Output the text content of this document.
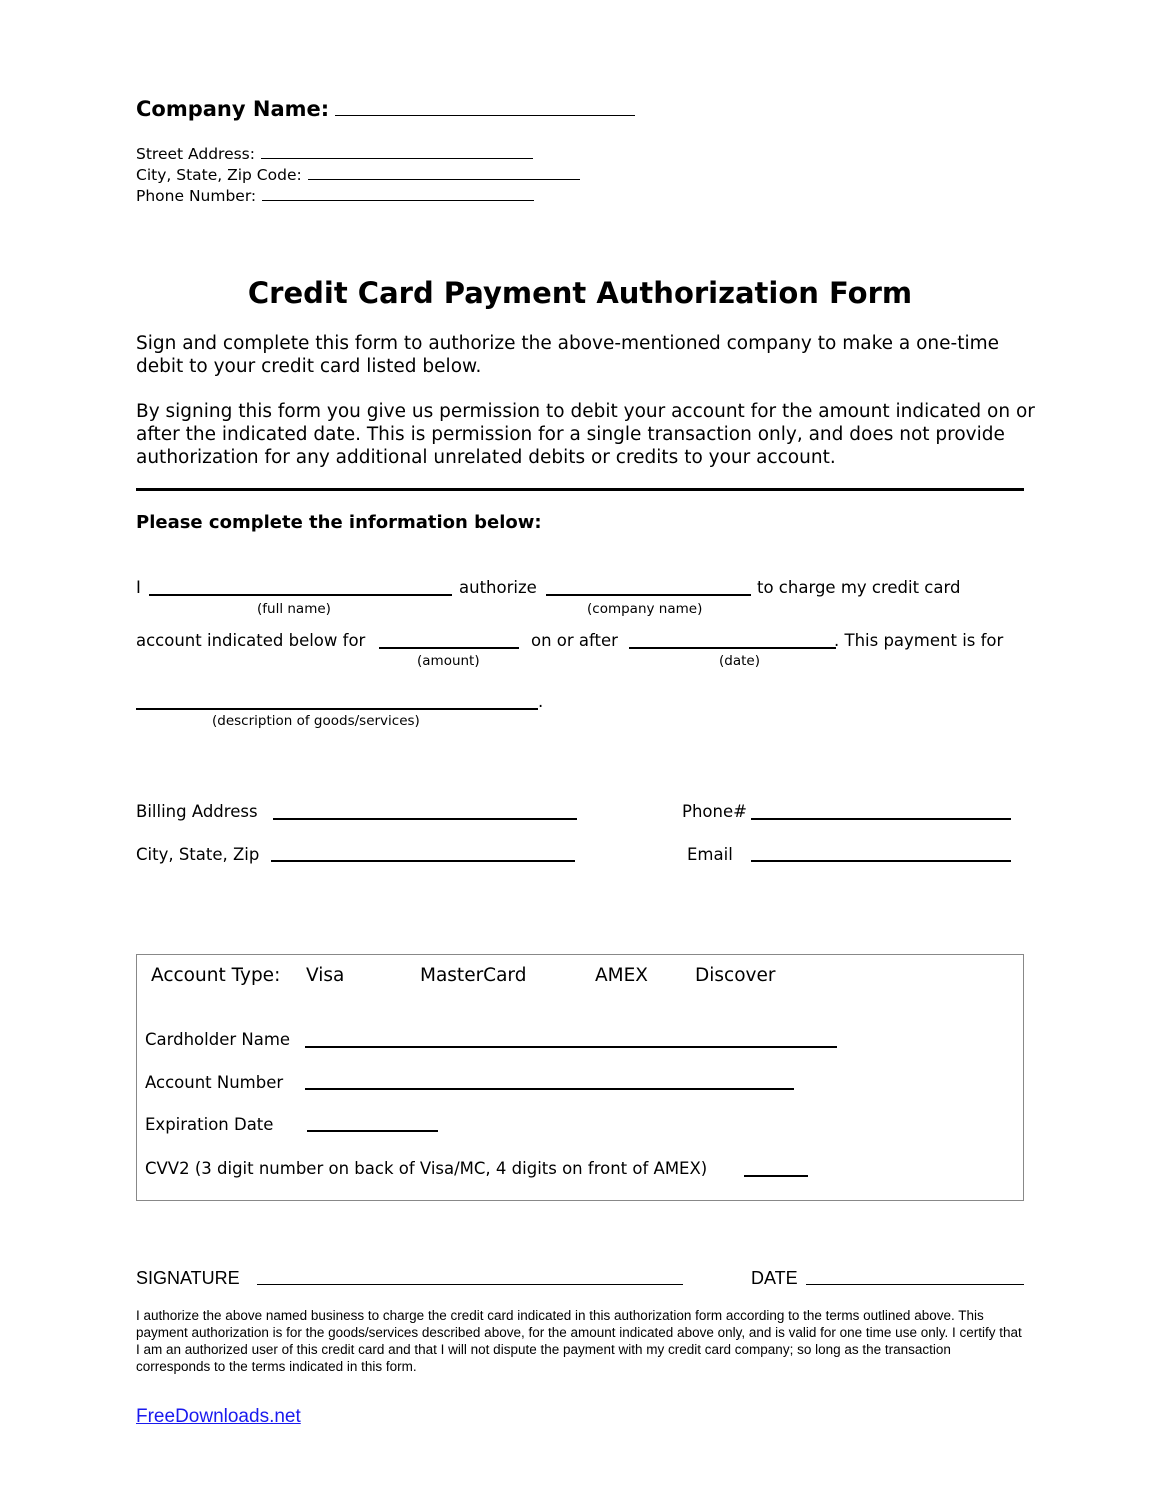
Company Name:
Street Address:
City, State, Zip Code:
Phone Number:
Credit Card Payment Authorization Form
Sign and complete this form to authorize the above-mentioned company to make a one-time debit to your credit card listed below.
By signing this form you give us permission to debit your account for the amount indicated on or after the indicated date. This is permission for a single transaction only, and does not provide authorization for any additional unrelated debits or credits to your account.
Please complete the information below:
I	authorize	to charge my credit card
(full name)	(company name)
account indicated below for	on or after	. This payment is for
(amount)	(date)
.
(description of goods/services)
Billing Address	Phone#
City, State, Zip	Email
Account Type: Visa	MasterCard	AMEX	Discover
Cardholder Name
Account Number
Expiration Date
CVV2 (3 digit number on back of Visa/MC, 4 digits on front of AMEX)
SIGNATURE	DATE
I authorize the above named business to charge the credit card indicated in this authorization form according to the terms outlined above. This payment authorization is for the goods/services described above, for the amount indicated above only, and is valid for one time use only. I certify that I am an authorized user of this credit card and that I will not dispute the payment with my credit card company; so long as the transaction corresponds to the terms indicated in this form.
FreeDownloads.net
